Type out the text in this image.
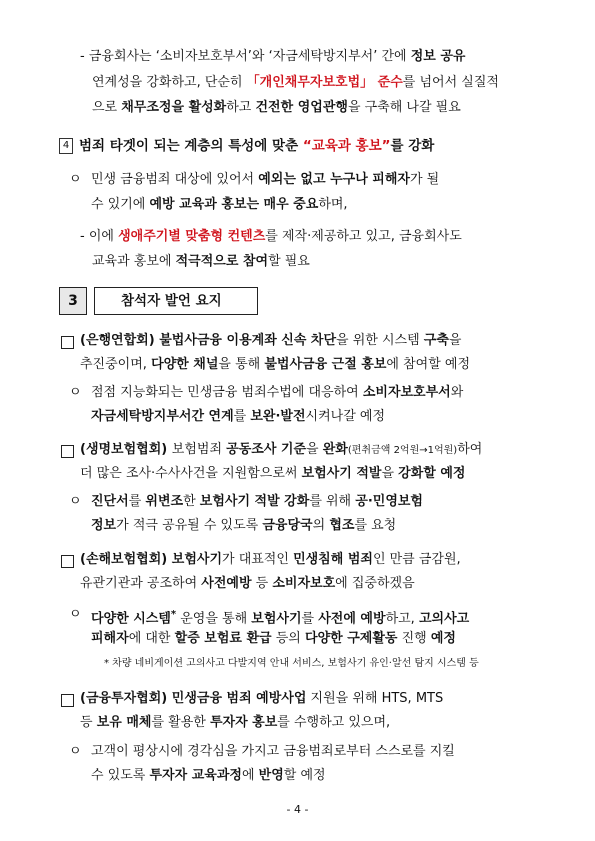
- 금융회사는 ‘소비자보호부서’와 ‘자금세탁방지부서’ 간에 정보 공유
연계성을 강화하고, 단순히 「개인채무자보호법」 준수를 넘어서 실질적
으로 채무조정을 활성화하고 건전한 영업관행을 구축해 나갈 필요
4 범죄 타겟이 되는 계층의 특성에 맞춘 “교육과 홍보”를 강화
ㅇ 민생 금융범죄 대상에 있어서 예외는 없고 누구나 피해자가 될
수 있기에 예방 교육과 홍보는 매우 중요하며,
- 이에 생애주기별 맞춤형 컨텐츠를 제작·제공하고 있고, 금융회사도
교육과 홍보에 적극적으로 참여할 필요
3	참석자 발언 요지
(은행연합회) 불법사금융 이용계좌 신속 차단을 위한 시스템 구축을
추진중이며, 다양한 채널을 통해 불법사금융 근절 홍보에 참여할 예정
ㅇ 점점 지능화되는 민생금융 범죄수법에 대응하여 소비자보호부서와
자금세탁방지부서간 연계를 보완·발전시켜나갈 예정
(생명보험협회) 보험범죄 공동조사 기준을 완화(편취금액 2억원→1억원)하여
더 많은 조사·수사사건을 지원함으로써 보험사기 적발을 강화할 예정
ㅇ 진단서를 위변조한 보험사기 적발 강화를 위해 공·민영보험
정보가 적극 공유될 수 있도록 금융당국의 협조를 요청
(손해보험협회) 보험사기가 대표적인 민생침해 범죄인 만큼 금감원,
유관기관과 공조하여 사전예방 등 소비자보호에 집중하겠음
ㅇ 다양한 시스템* 운영을 통해 보험사기를 사전에 예방하고, 고의사고
피해자에 대한 할증 보험료 환급 등의 다양한 구제활동 진행 예정
* 차량 네비게이션 고의사고 다발지역 안내 서비스, 보험사기 유인·알선 탐지 시스템 등
(금융투자협회) 민생금융 범죄 예방사업 지원을 위해 HTS, MTS
등 보유 매체를 활용한 투자자 홍보를 수행하고 있으며,
ㅇ 고객이 평상시에 경각심을 가지고 금융범죄로부터 스스로를 지킬
수 있도록 투자자 교육과정에 반영할 예정
- 4 -
